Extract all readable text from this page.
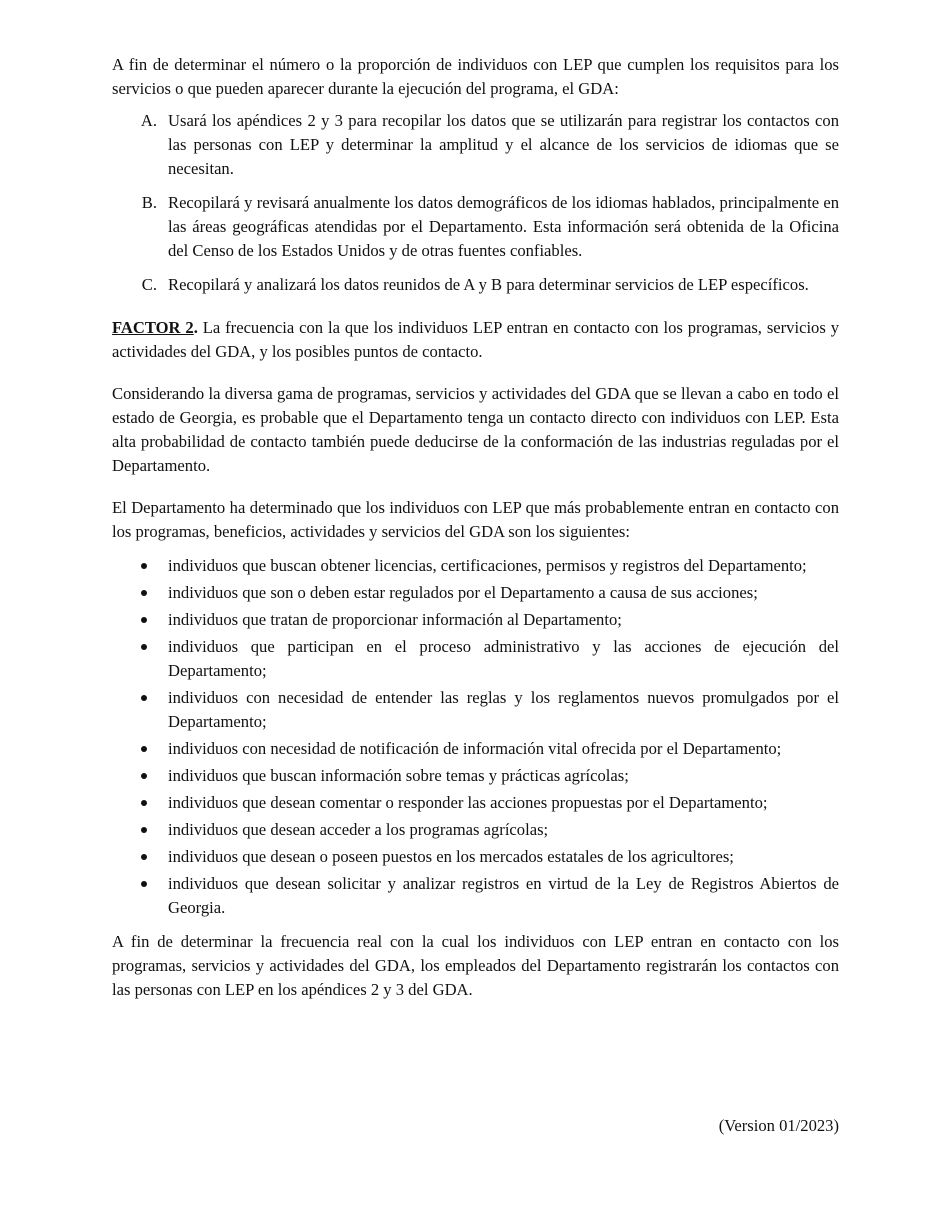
A fin de determinar el número o la proporción de individuos con LEP que cumplen los requisitos para los servicios o que pueden aparecer durante la ejecución del programa, el GDA:

A. Usará los apéndices 2 y 3 para recopilar los datos que se utilizarán para registrar los contactos con las personas con LEP y determinar la amplitud y el alcance de los servicios de idiomas que se necesitan.
B. Recopilará y revisará anualmente los datos demográficos de los idiomas hablados, principalmente en las áreas geográficas atendidas por el Departamento. Esta información será obtenida de la Oficina del Censo de los Estados Unidos y de otras fuentes confiables.
C. Recopilará y analizará los datos reunidos de A y B para determinar servicios de LEP específicos.

FACTOR 2. La frecuencia con la que los individuos LEP entran en contacto con los programas, servicios y actividades del GDA, y los posibles puntos de contacto.

Considerando la diversa gama de programas, servicios y actividades del GDA que se llevan a cabo en todo el estado de Georgia, es probable que el Departamento tenga un contacto directo con individuos con LEP. Esta alta probabilidad de contacto también puede deducirse de la conformación de las industrias reguladas por el Departamento.

El Departamento ha determinado que los individuos con LEP que más probablemente entran en contacto con los programas, beneficios, actividades y servicios del GDA son los siguientes:

individuos que buscan obtener licencias, certificaciones, permisos y registros del Departamento;
individuos que son o deben estar regulados por el Departamento a causa de sus acciones;
individuos que tratan de proporcionar información al Departamento;
individuos que participan en el proceso administrativo y las acciones de ejecución del Departamento;
individuos con necesidad de entender las reglas y los reglamentos nuevos promulgados por el Departamento;
individuos con necesidad de notificación de información vital ofrecida por el Departamento;
individuos que buscan información sobre temas y prácticas agrícolas;
individuos que desean comentar o responder las acciones propuestas por el Departamento;
individuos que desean acceder a los programas agrícolas;
individuos que desean o poseen puestos en los mercados estatales de los agricultores;
individuos que desean solicitar y analizar registros en virtud de la Ley de Registros Abiertos de Georgia.

A fin de determinar la frecuencia real con la cual los individuos con LEP entran en contacto con los programas, servicios y actividades del GDA, los empleados del Departamento registrarán los contactos con las personas con LEP en los apéndices 2 y 3 del GDA.

(Version 01/2023)
